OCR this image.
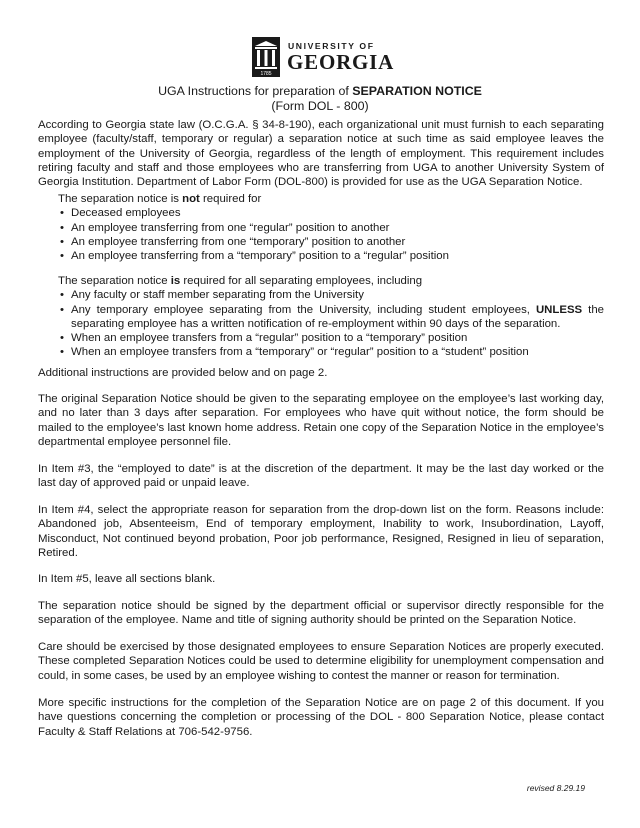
1785
UNIVERSITY OF
GEORGIA
UGA Instructions for preparation of SEPARATION NOTICE
(Form DOL - 800)

According to Georgia state law (O.C.G.A. § 34-8-190), each organizational unit must furnish to each separating employee (faculty/staff, temporary or regular) a separation notice at such time as said employee leaves the employment of the University of Georgia, regardless of the length of employment. This requirement includes retiring faculty and staff and those employees who are transferring from UGA to another University System of Georgia Institution. Department of Labor Form (DOL-800) is provided for use as the UGA Separation Notice.

The separation notice is not required for
• Deceased employees
• An employee transferring from one “regular” position to another
• An employee transferring from one “temporary” position to another
• An employee transferring from a “temporary” position to a “regular” position
The separation notice is required for all separating employees, including
• Any faculty or staff member separating from the University
• Any temporary employee separating from the University, including student employees, UNLESS the separating employee has a written notification of re-employment within 90 days of the separation.
• When an employee transfers from a “regular” position to a “temporary” position
• When an employee transfers from a “temporary” or “regular” position to a “student” position

Additional instructions are provided below and on page 2.

The original Separation Notice should be given to the separating employee on the employee’s last working day, and no later than 3 days after separation. For employees who have quit without notice, the form should be mailed to the employee’s last known home address. Retain one copy of the Separation Notice in the employee’s departmental employee personnel file.

In Item #3, the “employed to date” is at the discretion of the department. It may be the last day worked or the last day of approved paid or unpaid leave.

In Item #4, select the appropriate reason for separation from the drop-down list on the form. Reasons include: Abandoned job, Absenteeism, End of temporary employment, Inability to work, Insubordination, Layoff, Misconduct, Not continued beyond probation, Poor job performance, Resigned, Resigned in lieu of separation, Retired.

In Item #5, leave all sections blank.

The separation notice should be signed by the department official or supervisor directly responsible for the separation of the employee. Name and title of signing authority should be printed on the Separation Notice.

Care should be exercised by those designated employees to ensure Separation Notices are properly executed. These completed Separation Notices could be used to determine eligibility for unemployment compensation and could, in some cases, be used by an employee wishing to contest the manner or reason for termination.

More specific instructions for the completion of the Separation Notice are on page 2 of this document. If you have questions concerning the completion or processing of the DOL - 800 Separation Notice, please contact Faculty & Staff Relations at 706-542-9756.

revised 8.29.19
